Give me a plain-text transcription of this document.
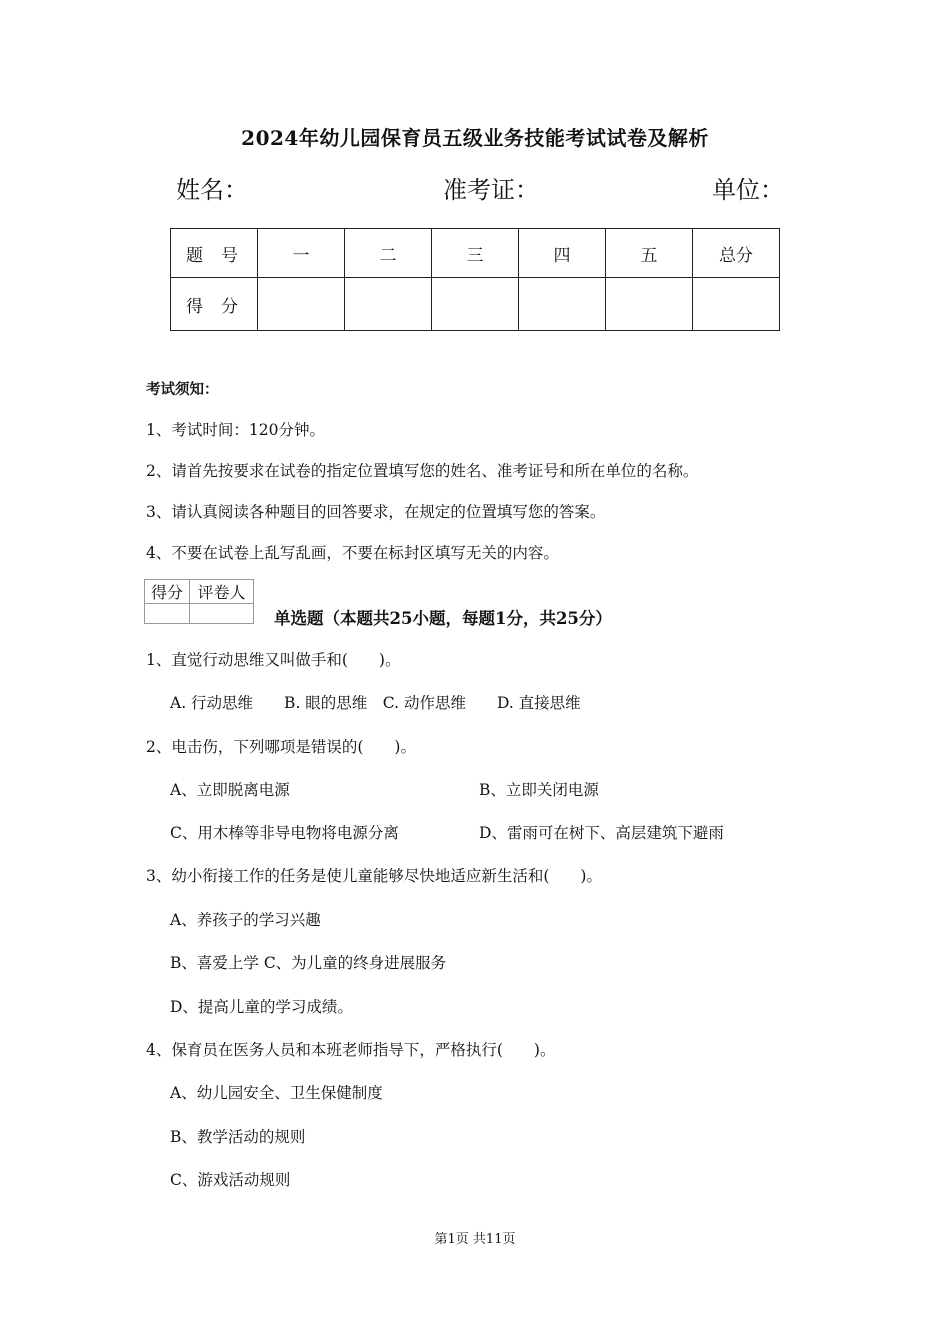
2024年幼儿园保育员五级业务技能考试试卷及解析
姓名：	准考证：	单位：
题号	一	二	三	四	五	总分
得分						
考试须知：
1、考试时间：120分钟。
2、请首先按要求在试卷的指定位置填写您的姓名、准考证号和所在单位的名称。
3、请认真阅读各种题目的回答要求，在规定的位置填写您的答案。
4、不要在试卷上乱写乱画，不要在标封区填写无关的内容。
得分	评卷人

单选题（本题共25小题，每题1分，共25分）
1、直觉行动思维又叫做手和(　　)。
A. 行动思维　　B. 眼的思维　C. 动作思维　　D. 直接思维
2、电击伤，下列哪项是错误的(　　)。
A、立即脱离电源	B、立即关闭电源
C、用木棒等非导电物将电源分离	D、雷雨可在树下、高层建筑下避雨
3、幼小衔接工作的任务是使儿童能够尽快地适应新生活和(　　)。
A、养孩子的学习兴趣
B、喜爱上学 C、为儿童的终身进展服务
D、提高儿童的学习成绩。
4、保育员在医务人员和本班老师指导下，严格执行(　　)。
A、幼儿园安全、卫生保健制度
B、教学活动的规则
C、游戏活动规则
第1页 共11页
